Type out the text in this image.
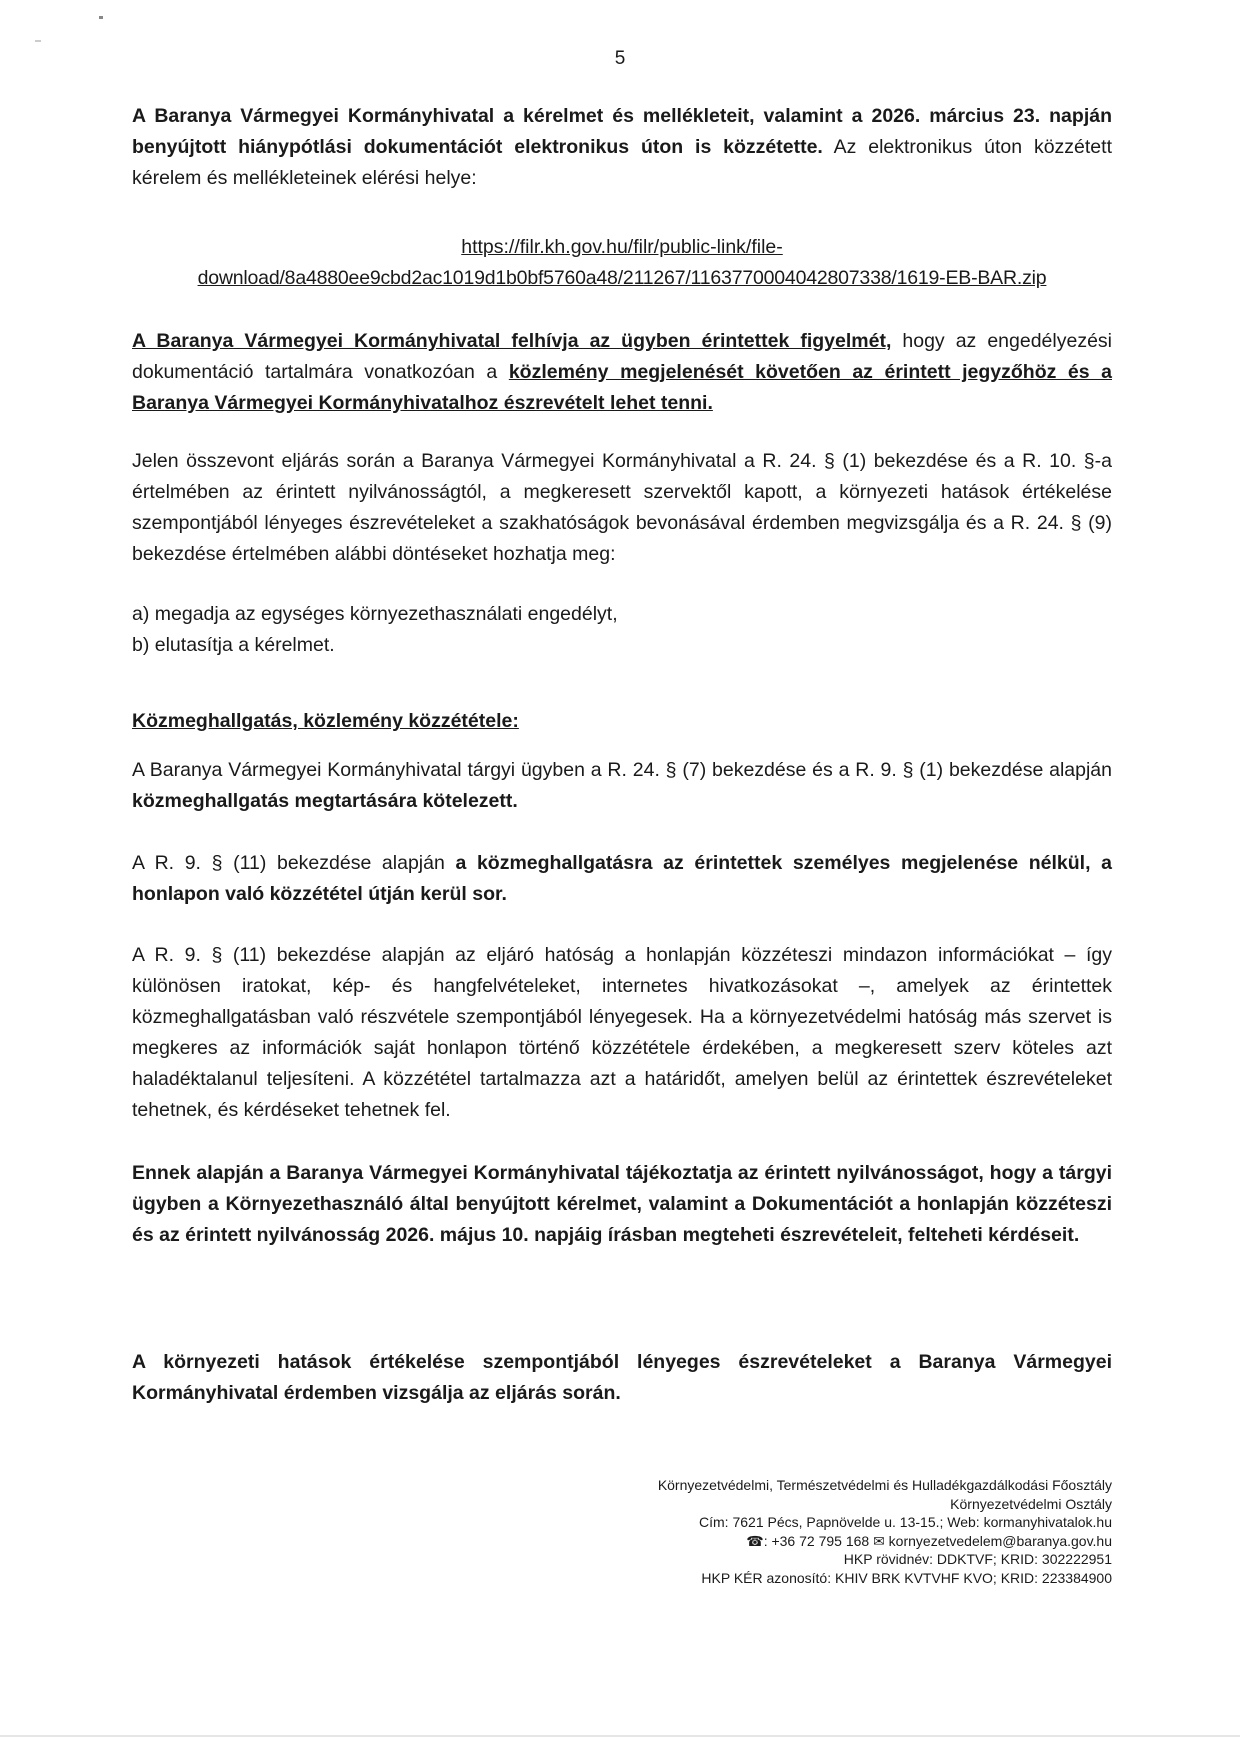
5
A Baranya Vármegyei Kormányhivatal a kérelmet és mellékleteit, valamint a 2026. március 23. napján benyújtott hiánypótlási dokumentációt elektronikus úton is közzétette. Az elektronikus úton közzétett kérelem és mellékleteinek elérési helye:
https://filr.kh.gov.hu/filr/public-link/file-
download/8a4880ee9cbd2ac1019d1b0bf5760a48/211267/1163770004042807338/1619-EB-BAR.zip
A Baranya Vármegyei Kormányhivatal felhívja az ügyben érintettek figyelmét, hogy az engedélyezési dokumentáció tartalmára vonatkozóan a közlemény megjelenését követően az érintett jegyzőhöz és a Baranya Vármegyei Kormányhivatalhoz észrevételt lehet tenni.
Jelen összevont eljárás során a Baranya Vármegyei Kormányhivatal a R. 24. § (1) bekezdése és a R. 10. §-a értelmében az érintett nyilvánosságtól, a megkeresett szervektől kapott, a környezeti hatások értékelése szempontjából lényeges észrevételeket a szakhatóságok bevonásával érdemben megvizsgálja és a R. 24. § (9) bekezdése értelmében alábbi döntéseket hozhatja meg:
a) megadja az egységes környezethasználati engedélyt,
b) elutasítja a kérelmet.
Közmeghallgatás, közlemény közzététele:
A Baranya Vármegyei Kormányhivatal tárgyi ügyben a R. 24. § (7) bekezdése és a R. 9. § (1) bekezdése alapján közmeghallgatás megtartására kötelezett.
A R. 9. § (11) bekezdése alapján a közmeghallgatásra az érintettek személyes megjelenése nélkül, a honlapon való közzététel útján kerül sor.
A R. 9. § (11) bekezdése alapján az eljáró hatóság a honlapján közzéteszi mindazon információkat – így különösen iratokat, kép- és hangfelvételeket, internetes hivatkozásokat –, amelyek az érintettek közmeghallgatásban való részvétele szempontjából lényegesek. Ha a környezetvédelmi hatóság más szervet is megkeres az információk saját honlapon történő közzététele érdekében, a megkeresett szerv köteles azt haladéktalanul teljesíteni. A közzététel tartalmazza azt a határidőt, amelyen belül az érintettek észrevételeket tehetnek, és kérdéseket tehetnek fel.
Ennek alapján a Baranya Vármegyei Kormányhivatal tájékoztatja az érintett nyilvánosságot, hogy a tárgyi ügyben a Környezethasználó által benyújtott kérelmet, valamint a Dokumentációt a honlapján közzéteszi és az érintett nyilvánosság 2026. május 10. napjáig írásban megteheti észrevételeit, felteheti kérdéseit.
A környezeti hatások értékelése szempontjából lényeges észrevételeket a Baranya Vármegyei Kormányhivatal érdemben vizsgálja az eljárás során.
Környezetvédelmi, Természetvédelmi és Hulladékgazdálkodási Főosztály
Környezetvédelmi Osztály
Cím: 7621 Pécs, Papnövelde u. 13-15.; Web: kormanyhivatalok.hu
☎: +36 72 795 168 ✉ kornyezetvedelem@baranya.gov.hu
HKP rövidnév: DDKTVF; KRID: 302222951
HKP KÉR azonosító: KHIV BRK KVTVHF KVO; KRID: 223384900
